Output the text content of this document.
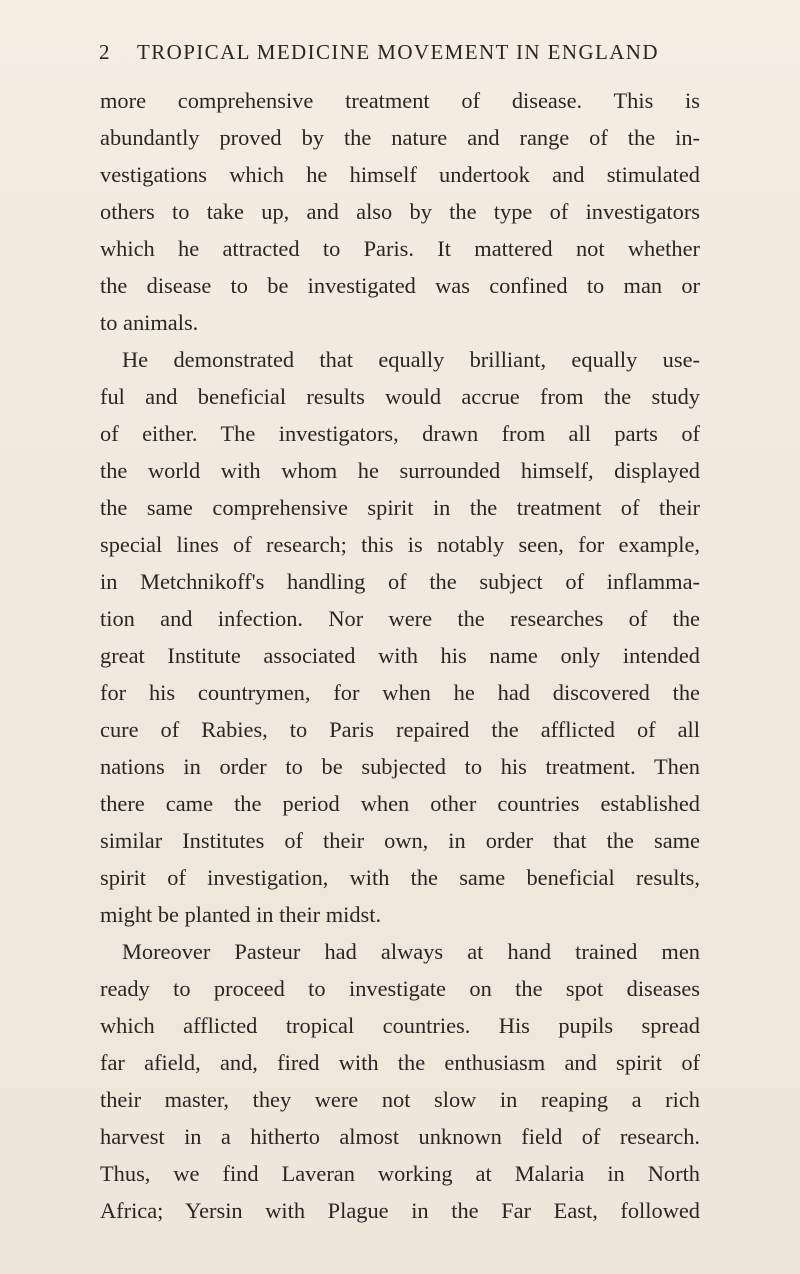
2 TROPICAL MEDICINE MOVEMENT IN ENGLAND
more comprehensive treatment of disease. This is
abundantly proved by the nature and range of the in-
vestigations which he himself undertook and stimulated
others to take up, and also by the type of investigators
which he attracted to Paris. It mattered not whether
the disease to be investigated was confined to man or
to animals.
He demonstrated that equally brilliant, equally use-
ful and beneficial results would accrue from the study
of either. The investigators, drawn from all parts of
the world with whom he surrounded himself, displayed
the same comprehensive spirit in the treatment of their
special lines of research; this is notably seen, for example,
in Metchnikoff's handling of the subject of inflamma-
tion and infection. Nor were the researches of the
great Institute associated with his name only intended
for his countrymen, for when he had discovered the
cure of Rabies, to Paris repaired the afflicted of all
nations in order to be subjected to his treatment. Then
there came the period when other countries established
similar Institutes of their own, in order that the same
spirit of investigation, with the same beneficial results,
might be planted in their midst.
Moreover Pasteur had always at hand trained men
ready to proceed to investigate on the spot diseases
which afflicted tropical countries. His pupils spread
far afield, and, fired with the enthusiasm and spirit of
their master, they were not slow in reaping a rich
harvest in a hitherto almost unknown field of research.
Thus, we find Laveran working at Malaria in North
Africa; Yersin with Plague in the Far East, followed
